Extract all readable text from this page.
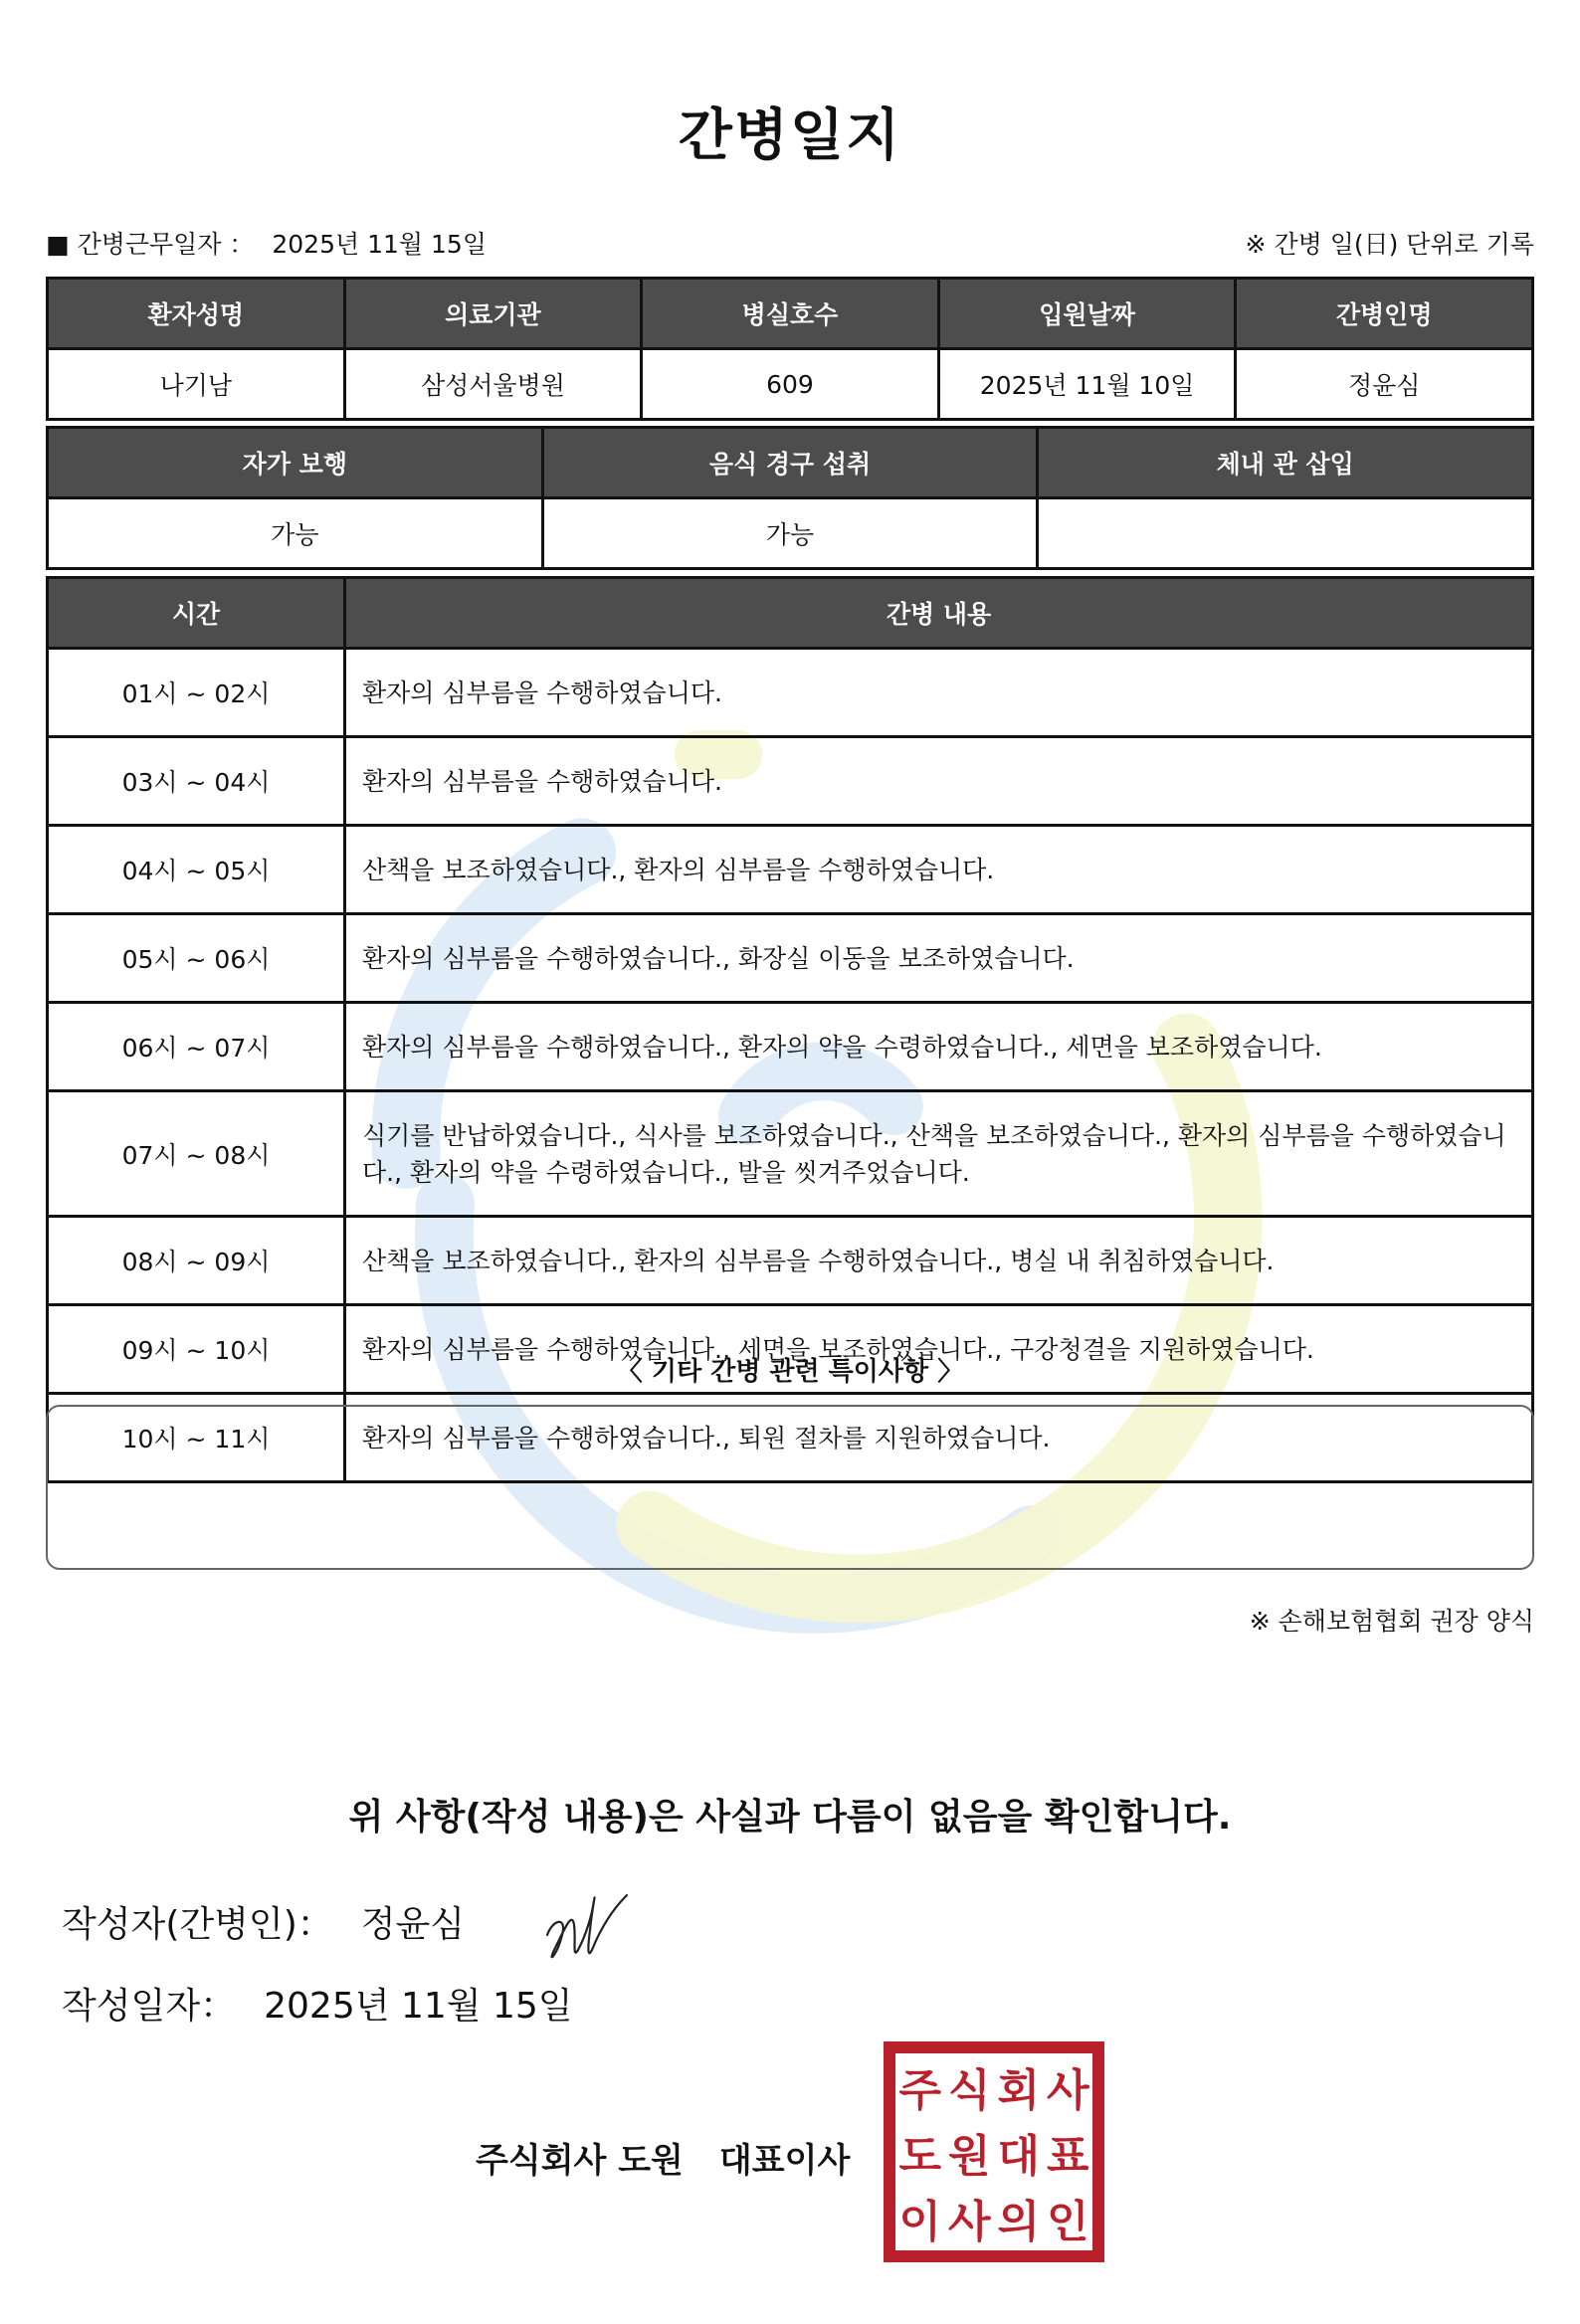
간병일지
■ 간병근무일자 ： 2025년 11월 15일	※ 간병 일(日) 단위로 기록
환자성명	의료기관	병실호수	입원날짜	간병인명
나기남	삼성서울병원	609	2025년 11월 10일	정윤심
자가 보행	음식 경구 섭취	체내 관 삽입
가능	가능	
시간	간병 내용
01시 ~ 02시	환자의 심부름을 수행하였습니다.
03시 ~ 04시	환자의 심부름을 수행하였습니다.
04시 ~ 05시	산책을 보조하였습니다., 환자의 심부름을 수행하였습니다.
05시 ~ 06시	환자의 심부름을 수행하였습니다., 화장실 이동을 보조하였습니다.
06시 ~ 07시	환자의 심부름을 수행하였습니다., 환자의 약을 수령하였습니다., 세면을 보조하였습니다.
07시 ~ 08시	식기를 반납하였습니다., 식사를 보조하였습니다., 산책을 보조하였습니다., 환자의 심부름을 수행하였습니다., 환자의 약을 수령하였습니다., 발을 씻겨주었습니다.
08시 ~ 09시	산책을 보조하였습니다., 환자의 심부름을 수행하였습니다., 병실 내 취침하였습니다.
09시 ~ 10시	환자의 심부름을 수행하였습니다., 세면을 보조하였습니다., 구강청결을 지원하였습니다.
10시 ~ 11시	환자의 심부름을 수행하였습니다., 퇴원 절차를 지원하였습니다.
〈 기타 간병 관련 특이사항 〉
※ 손해보험협회 권장 양식
위 사항(작성 내용)은 사실과 다름이 없음을 확인합니다.
작성자(간병인)： 정윤심
작성일자： 2025년 11월 15일
주식회사 도원 대표이사
주 식 회 사
도 원 대 표
이 사 의 인
